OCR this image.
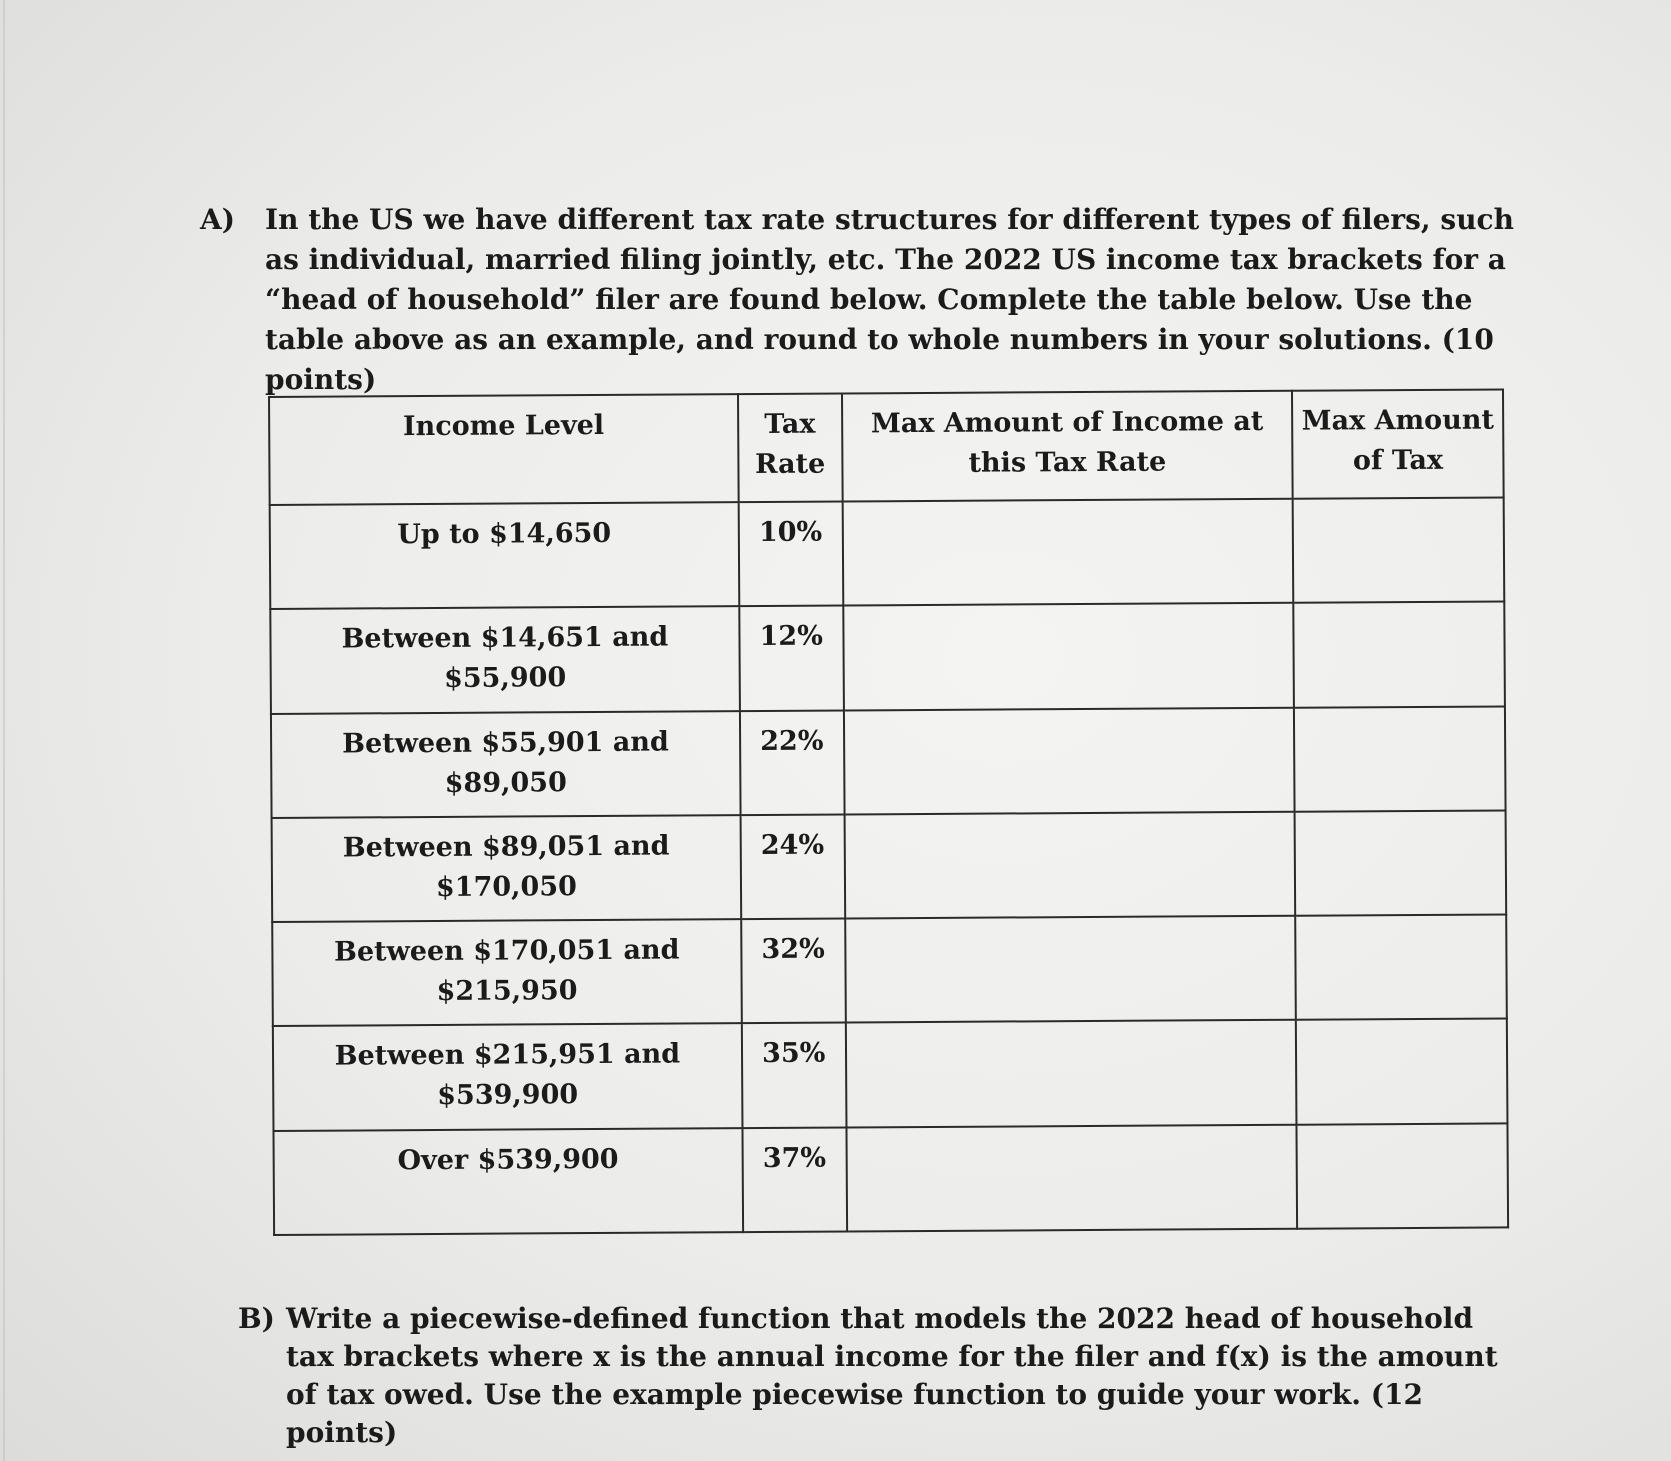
A) In the US we have different tax rate structures for different types of filers, such as individual, married filing jointly, etc. The 2022 US income tax brackets for a “head of household” filer are found below. Complete the table below. Use the table above as an example, and round to whole numbers in your solutions. (10 points)
Income Level	Tax Rate	Max Amount of Income at this Tax Rate	Max Amount of Tax
Up to $14,650	10%		
Between $14,651 and $55,900	12%		
Between $55,901 and $89,050	22%		
Between $89,051 and $170,050	24%		
Between $170,051 and $215,950	32%		
Between $215,951 and $539,900	35%		
Over $539,900	37%		
B) Write a piecewise-defined function that models the 2022 head of household tax brackets where x is the annual income for the filer and f(x) is the amount of tax owed. Use the example piecewise function to guide your work. (12 points)
